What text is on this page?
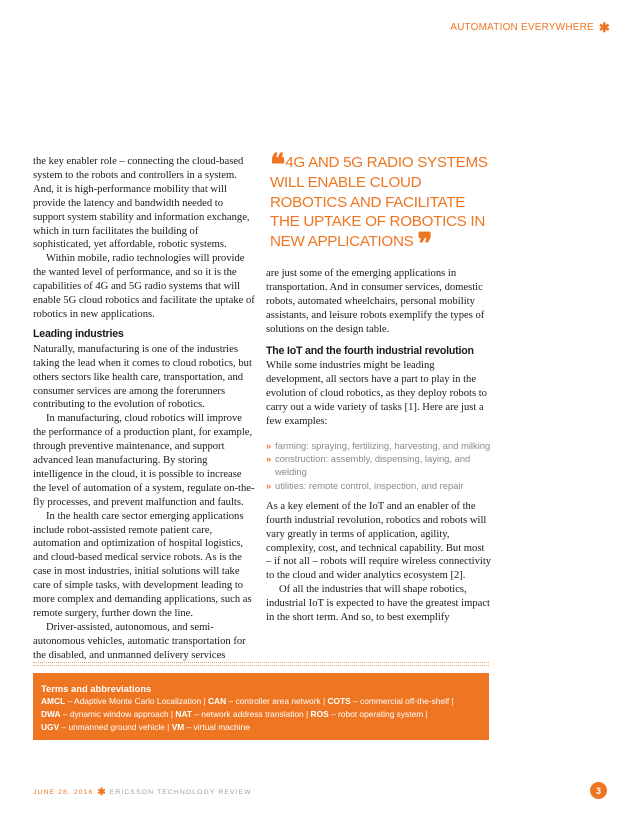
AUTOMATION EVERYWHERE ✱

the key enabler role – connecting the cloud-based system to the robots and controllers in a system. And, it is high-performance mobility that will provide the latency and bandwidth needed to support system stability and information exchange, which in turn facilitates the building of sophisticated, yet affordable, robotic systems.

Within mobile, radio technologies will provide the wanted level of performance, and so it is the capabilities of 4G and 5G radio systems that will enable 5G cloud robotics and facilitate the uptake of robotics in new applications.

Leading industries

Naturally, manufacturing is one of the industries taking the lead when it comes to cloud robotics, but others sectors like health care, transportation, and consumer services are among the forerunners contributing to the evolution of robotics.

In manufacturing, cloud robotics will improve the performance of a production plant, for example, through preventive maintenance, and support advanced lean manufacturing. By storing intelligence in the cloud, it is possible to increase the level of automation of a system, regulate on-the-fly processes, and prevent malfunction and faults.

In the health care sector emerging applications include robot-assisted remote patient care, automation and optimization of hospital logistics, and cloud-based medical service robots. As is the case in most industries, initial solutions will take care of simple tasks, with development leading to more complex and demanding applications, such as remote surgery, further down the line.

Driver-assisted, autonomous, and semi-autonomous vehicles, automatic transportation for the disabled, and unmanned delivery services

❛❛ 4G AND 5G RADIO SYSTEMS WILL ENABLE CLOUD ROBOTICS AND FACILITATE THE UPTAKE OF ROBOTICS IN NEW APPLICATIONS ❜❜

are just some of the emerging applications in transportation. And in consumer services, domestic robots, automated wheelchairs, personal mobility assistants, and leisure robots exemplify the types of solutions on the design table.

The IoT and the fourth industrial revolution

While some industries might be leading development, all sectors have a part to play in the evolution of cloud robotics, as they deploy robots to carry out a wide variety of tasks [1]. Here are just a few examples:

» farming: spraying, fertilizing, harvesting, and milking
» construction: assembly, dispensing, laying, and welding
» utilities: remote control, inspection, and repair

As a key element of the IoT and an enabler of the fourth industrial revolution, robotics and robots will vary greatly in terms of application, agility, complexity, cost, and technical capability. But most – if not all – robots will require wireless connectivity to the cloud and wider analytics ecosystem [2].

Of all the industries that will shape robotics, industrial IoT is expected to have the greatest impact in the short term. And so, to best exemplify

Terms and abbreviations
AMCL – Adaptive Monte Carlo Localization | CAN – controller area network | COTS – commercial off-the-shelf |
DWA – dynamic window approach | NAT – network address translation | ROS – robot operating system |
UGV – unmanned ground vehicle | VM – virtual machine
JUNE 28, 2016 ✱ ERICSSON TECHNOLOGY REVIEW	3
